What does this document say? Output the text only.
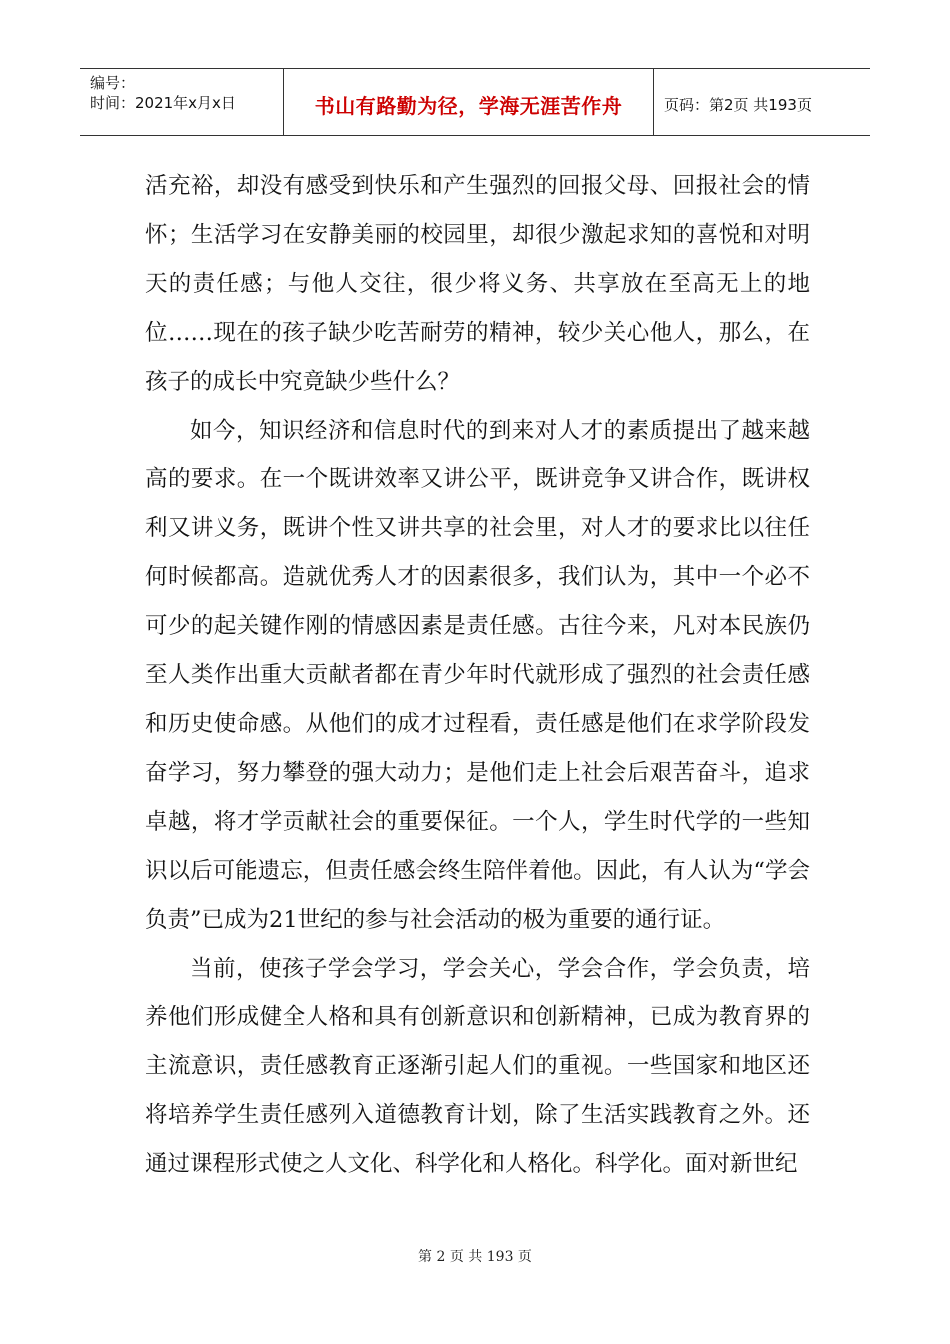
编号：
时间：2021年x月x日	书山有路勤为径，学海无涯苦作舟	页码：第2页 共193页

活充裕，却没有感受到快乐和产生强烈的回报父母、回报社会的情怀；生活学习在安静美丽的校园里，却很少激起求知的喜悦和对明天的责任感；与他人交往，很少将义务、共享放在至高无上的地位……现在的孩子缺少吃苦耐劳的精神，较少关心他人，那么，在孩子的成长中究竟缺少些什么？

如今，知识经济和信息时代的到来对人才的素质提出了越来越高的要求。在一个既讲效率又讲公平，既讲竞争又讲合作，既讲权利又讲义务，既讲个性又讲共享的社会里，对人才的要求比以往任何时候都高。造就优秀人才的因素很多，我们认为，其中一个必不可少的起关键作刚的情感因素是责任感。古往今来，凡对本民族仍至人类作出重大贡献者都在青少年时代就形成了强烈的社会责任感和历史使命感。从他们的成才过程看，责任感是他们在求学阶段发奋学习，努力攀登的强大动力；是他们走上社会后艰苦奋斗，追求卓越，将才学贡献社会的重要保征。一个人，学生时代学的一些知识以后可能遗忘，但责任感会终生陪伴着他。因此，有人认为“学会负责”已成为21世纪的参与社会活动的极为重要的通行证。

当前，使孩子学会学习，学会关心，学会合作，学会负责，培养他们形成健全人格和具有创新意识和创新精神，已成为教育界的主流意识，责任感教育正逐渐引起人们的重视。一些国家和地区还将培养学生责任感列入道德教育计划，除了生活实践教育之外。还通过课程形式使之人文化、科学化和人格化。科学化。面对新世纪

第 2 页 共 193 页
